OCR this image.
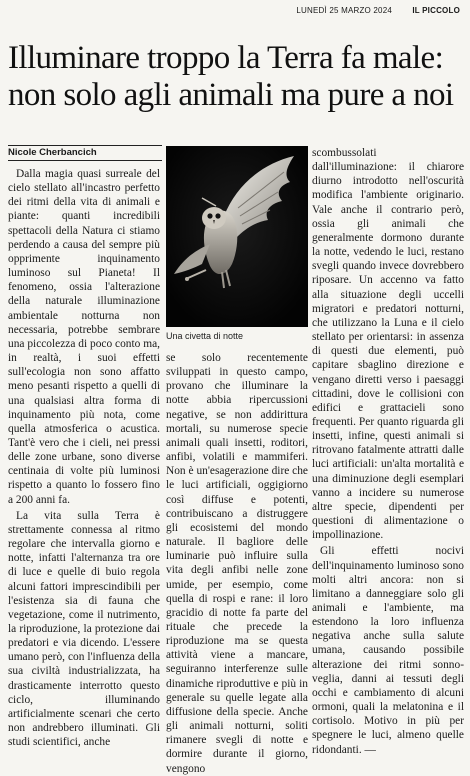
LUNEDÌ 25 MARZO 2024	IL PICCOLO
Illuminare troppo la Terra fa male: non solo agli animali ma pure a noi
Nicole Cherbancich

Dalla magia quasi surreale del cielo stellato all'incastro perfetto dei ritmi della vita di animali e piante: quanti incredibili spettacoli della Natura ci stiamo perdendo a causa del sempre più opprimente inquinamento luminoso sul Pianeta! Il fenomeno, ossia l'alterazione della naturale illuminazione ambientale notturna non necessaria, potrebbe sembrare una piccolezza di poco conto ma, in realtà, i suoi effetti sull'ecologia non sono affatto meno pesanti rispetto a quelli di una qualsiasi altra forma di inquinamento più nota, come quella atmosferica o acustica. Tant'è vero che i cieli, nei pressi delle zone urbane, sono diverse centinaia di volte più luminosi rispetto a quanto lo fossero fino a 200 anni fa.

La vita sulla Terra è strettamente connessa al ritmo regolare che intervalla giorno e notte, infatti l'alternanza tra ore di luce e quelle di buio regola alcuni fattori imprescindibili per l'esistenza sia di fauna che vegetazione, come il nutrimento, la riproduzione, la protezione dai predatori e via dicendo. L'essere umano però, con l'influenza della sua civiltà industrializzata, ha drasticamente interrotto questo ciclo, illuminando artificialmente scenari che certo non andrebbero illuminati. Gli studi scientifici, anche

Una civetta di notte

se solo recentemente sviluppati in questo campo, provano che illuminare la notte abbia ripercussioni negative, se non addirittura mortali, su numerose specie animali quali insetti, roditori, anfibi, volatili e mammiferi. Non è un'esagerazione dire che le luci artificiali, oggigiorno così diffuse e potenti, contribuiscano a distruggere gli ecosistemi del mondo naturale. Il bagliore delle luminarie può influire sulla vita degli anfibi nelle zone umide, per esempio, come quella di rospi e rane: il loro gracidio di notte fa parte del rituale che precede la riproduzione ma se questa attività viene a mancare, seguiranno interferenze sulle dinamiche riproduttive e più in generale su quelle legate alla diffusione della specie. Anche gli animali notturni, soliti rimanere svegli di notte e dormire durante il giorno, vengono

scombussolati dall'illuminazione: il chiarore diurno introdotto nell'oscurità modifica l'ambiente originario. Vale anche il contrario però, ossia gli animali che generalmente dormono durante la notte, vedendo le luci, restano svegli quando invece dovrebbero riposare. Un accenno va fatto alla situazione degli uccelli migratori e predatori notturni, che utilizzano la Luna e il cielo stellato per orientarsi: in assenza di questi due elementi, può capitare sbaglino direzione e vengano diretti verso i paesaggi cittadini, dove le collisioni con edifici e grattacieli sono frequenti. Per quanto riguarda gli insetti, infine, questi animali si ritrovano fatalmente attratti dalle luci artificiali: un'alta mortalità e una diminuzione degli esemplari vanno a incidere su numerose altre specie, dipendenti per questioni di alimentazione o impollinazione.

Gli effetti nocivi dell'inquinamento luminoso sono molti altri ancora: non si limitano a danneggiare solo gli animali e l'ambiente, ma estendono la loro influenza negativa anche sulla salute umana, causando possibile alterazione dei ritmi sonno-veglia, danni ai tessuti degli occhi e cambiamento di alcuni ormoni, quali la melatonina e il cortisolo. Motivo in più per spegnere le luci, almeno quelle ridondanti. —
